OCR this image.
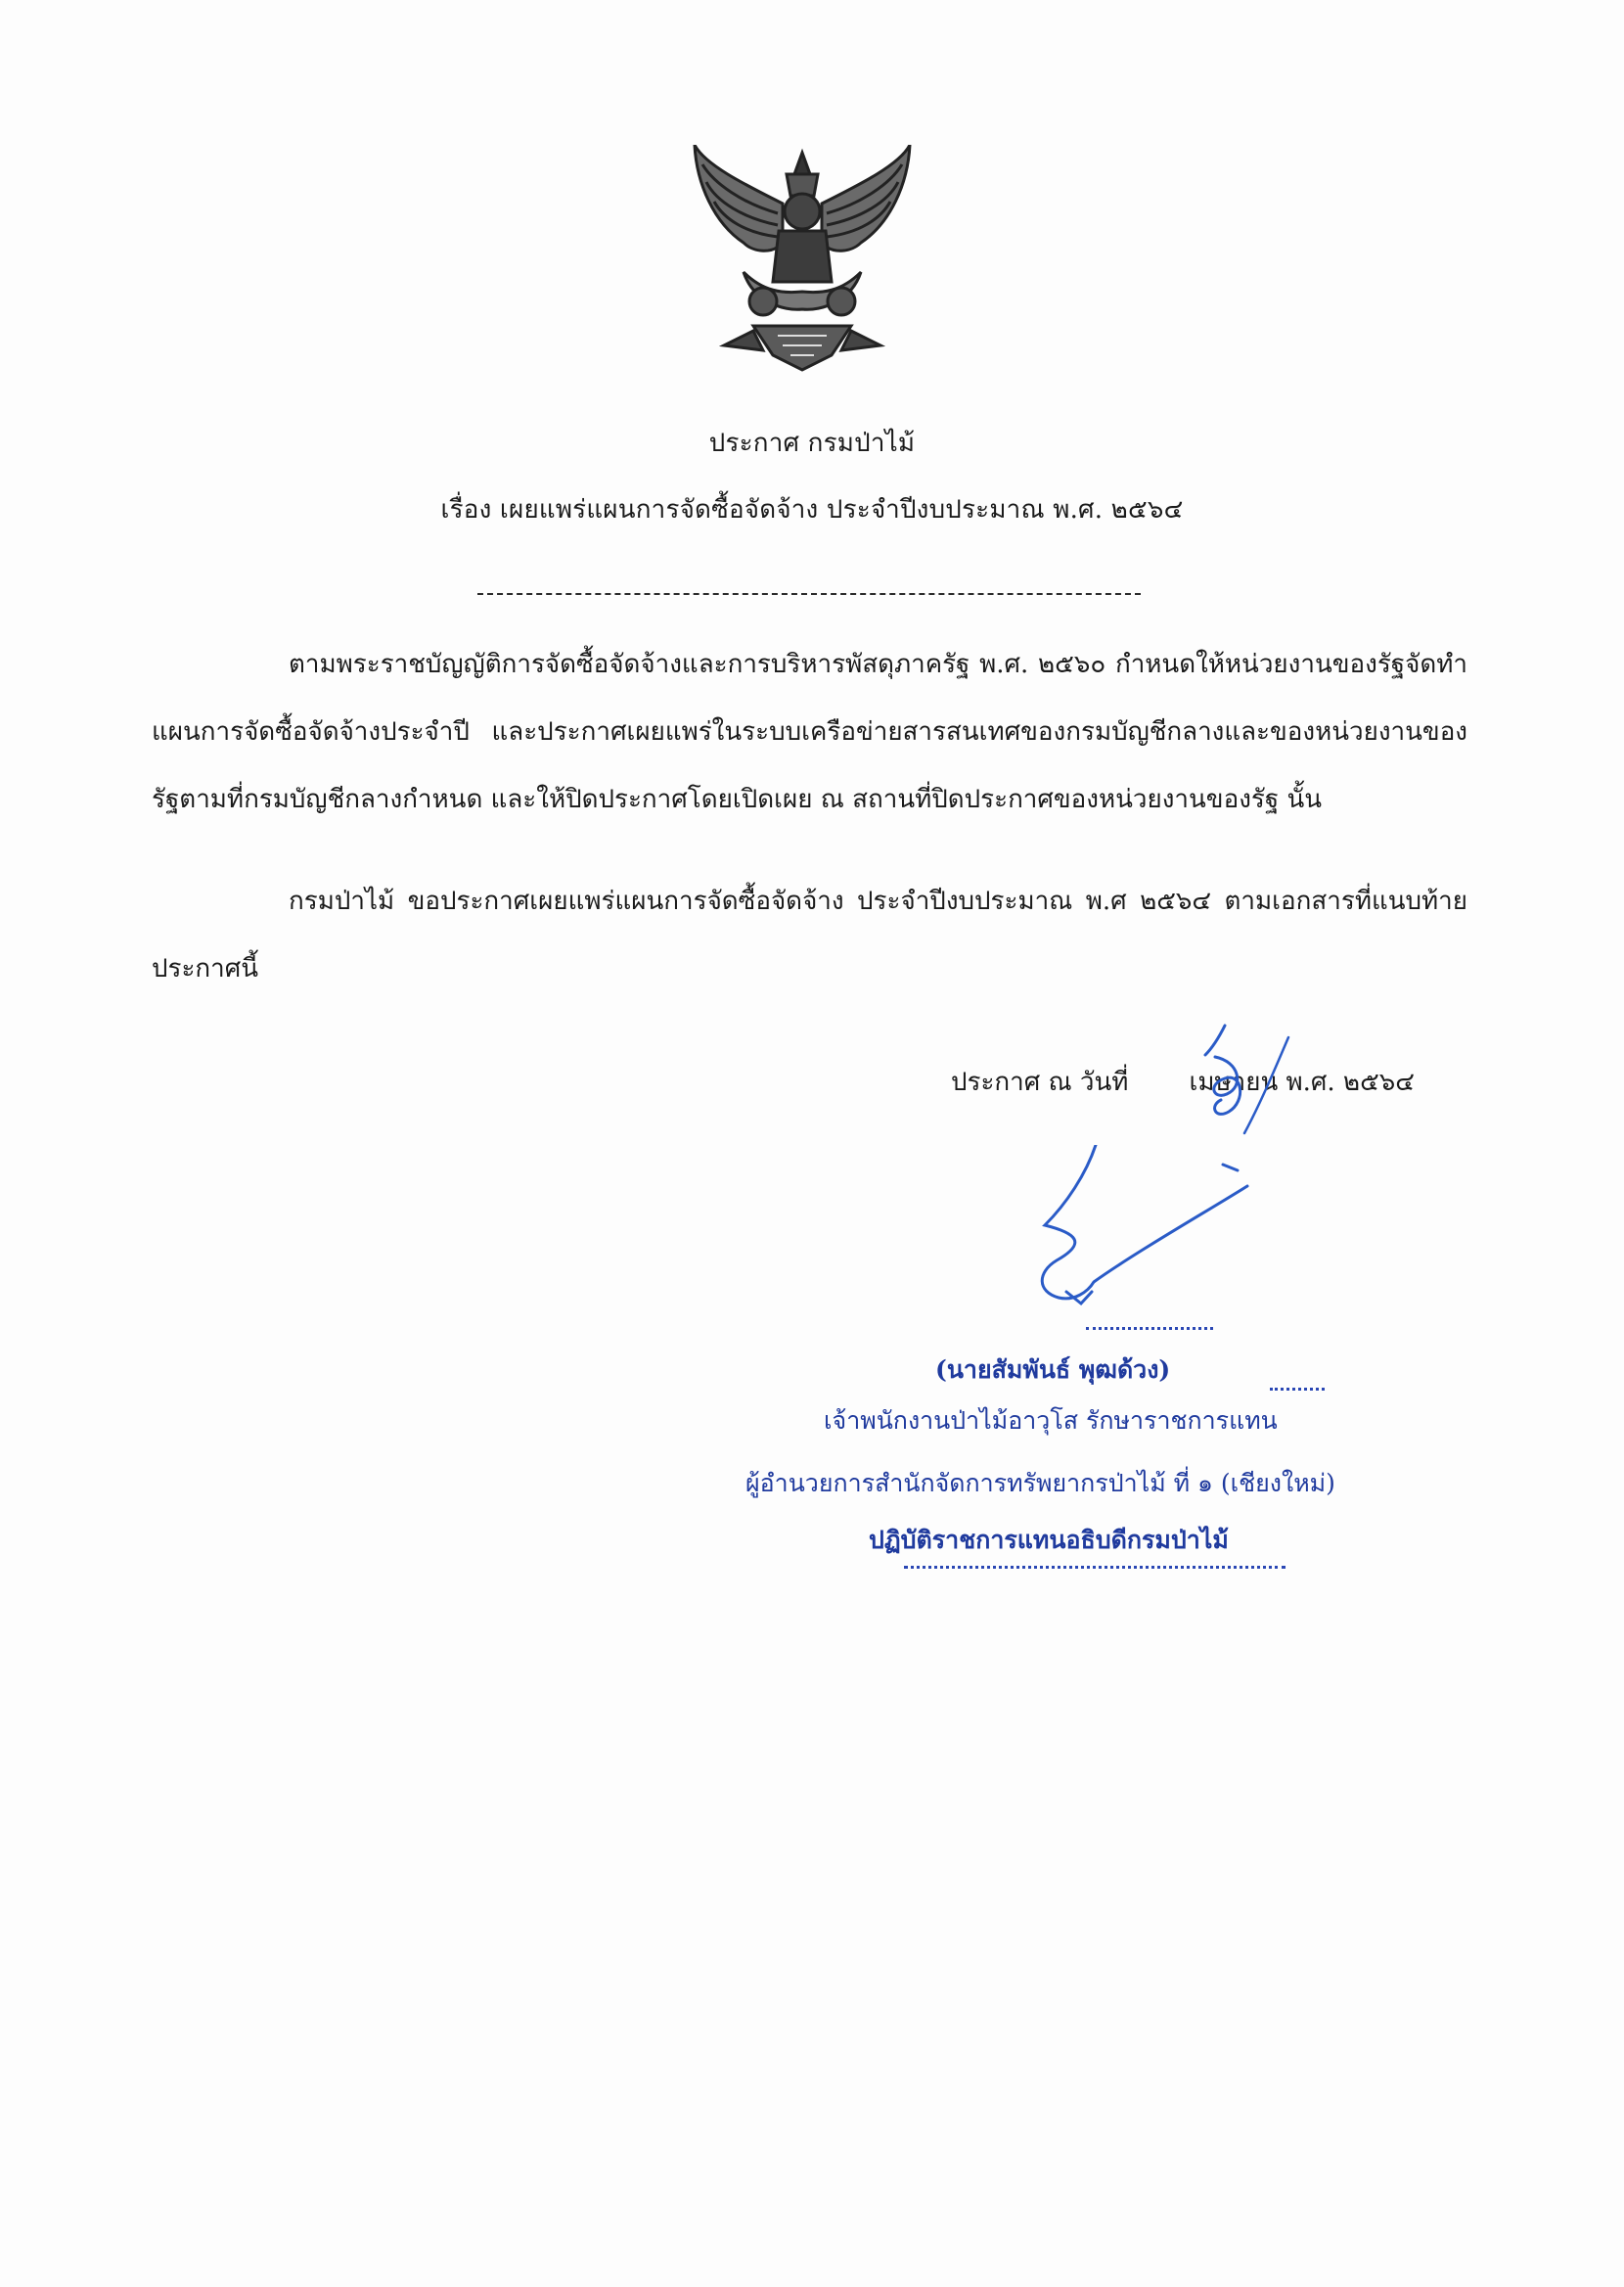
ประกาศ กรมป่าไม้
เรื่อง เผยแพร่แผนการจัดซื้อจัดจ้าง ประจำปีงบประมาณ พ.ศ. ๒๕๖๔

ตามพระราชบัญญัติการจัดซื้อจัดจ้างและการบริหารพัสดุภาครัฐ พ.ศ. ๒๕๖๐ กำหนดให้หน่วยงานของรัฐจัดทำแผนการจัดซื้อจัดจ้างประจำปี และประกาศเผยแพร่ในระบบเครือข่ายสารสนเทศของกรมบัญชีกลางและของหน่วยงานของรัฐตามที่กรมบัญชีกลางกำหนด และให้ปิดประกาศโดยเปิดเผย ณ สถานที่ปิดประกาศของหน่วยงานของรัฐ นั้น

กรมป่าไม้ ขอประกาศเผยแพร่แผนการจัดซื้อจัดจ้าง ประจำปีงบประมาณ พ.ศ ๒๕๖๔ ตามเอกสารที่แนบท้ายประกาศนี้

ประกาศ ณ วันที่ เมษายน พ.ศ. ๒๕๖๔
(นายสัมพันธ์ พุฒด้วง)
เจ้าพนักงานป่าไม้อาวุโส รักษาราชการแทน
ผู้อำนวยการสำนักจัดการทรัพยากรป่าไม้ ที่ ๑ (เชียงใหม่)
ปฏิบัติราชการแทนอธิบดีกรมป่าไม้
